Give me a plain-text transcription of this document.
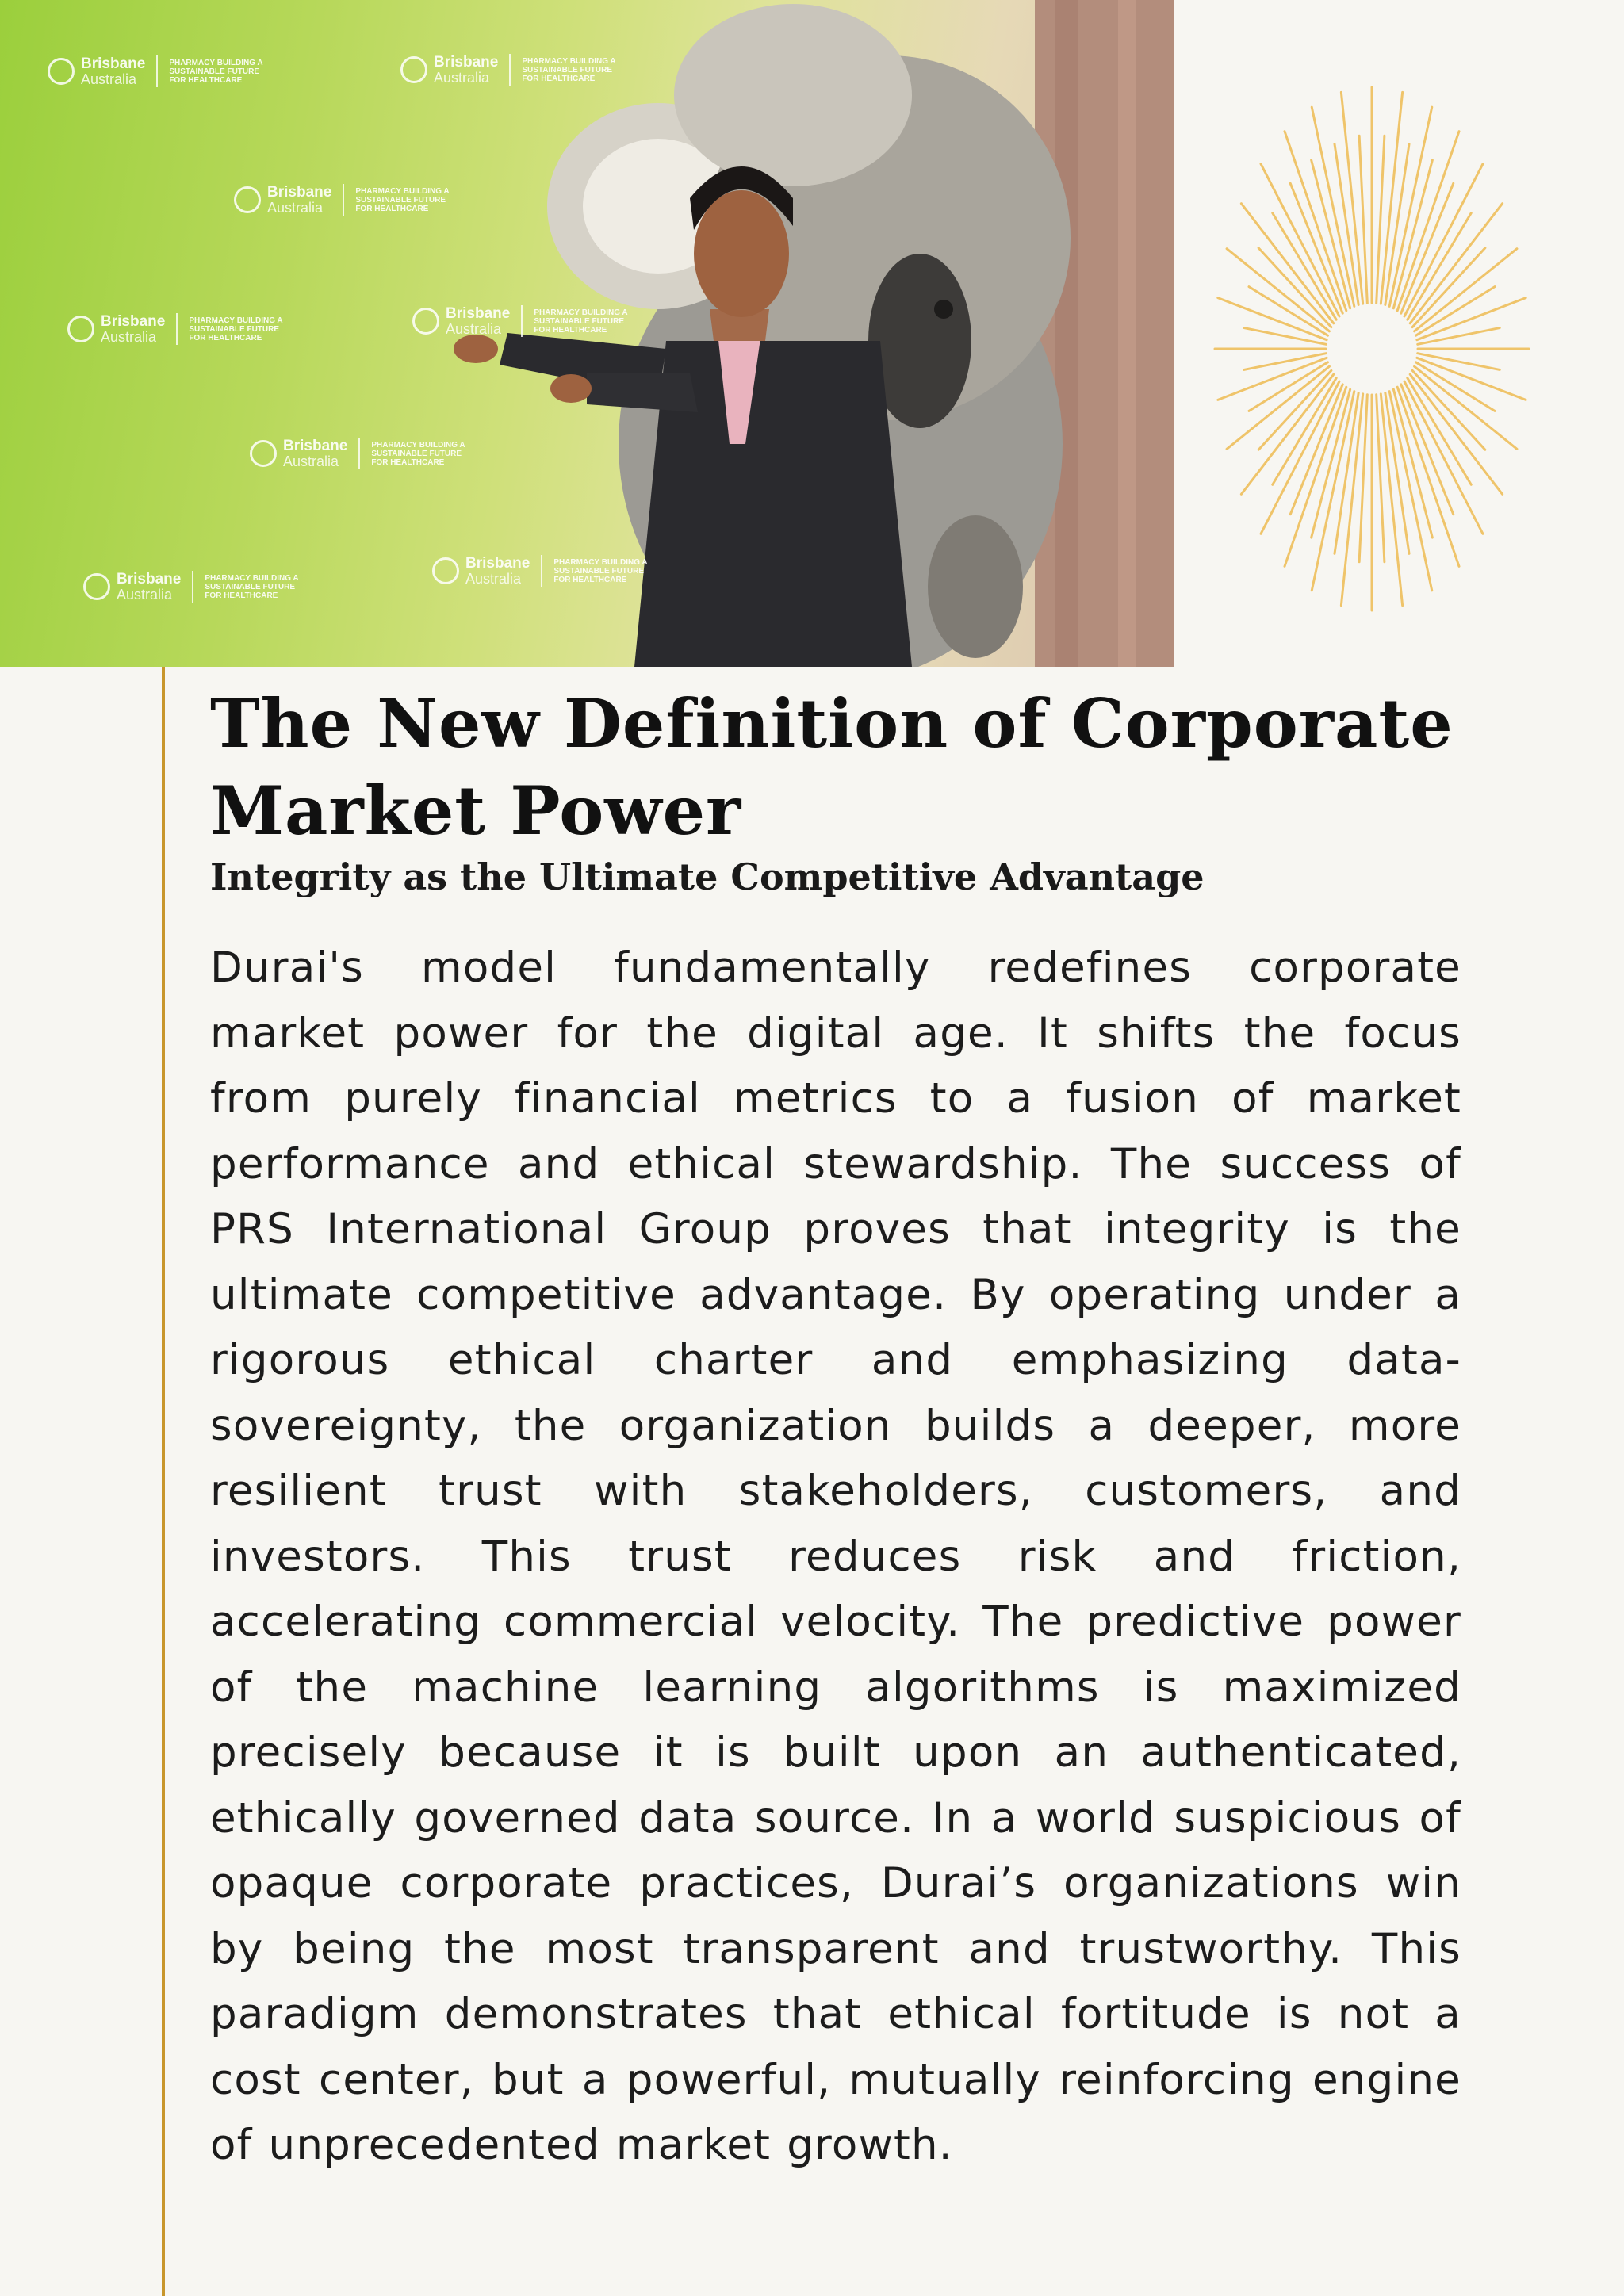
Brisbane
Australia
PHARMACY BUILDING A SUSTAINABLE FUTURE FOR HEALTHCARE
Brisbane
Australia
PHARMACY BUILDING A SUSTAINABLE FUTURE FOR HEALTHCARE
Brisbane
Australia
PHARMACY BUILDING A SUSTAINABLE FUTURE FOR HEALTHCARE
Brisbane
Australia
PHARMACY BUILDING A SUSTAINABLE FUTURE FOR HEALTHCARE
Brisbane
Australia
PHARMACY BUILDING A SUSTAINABLE FUTURE FOR HEALTHCARE
Brisbane
Australia
PHARMACY BUILDING A SUSTAINABLE FUTURE FOR HEALTHCARE
Brisbane
Australia
PHARMACY BUILDING A SUSTAINABLE FUTURE FOR HEALTHCARE
Brisbane
Australia
PHARMACY BUILDING A SUSTAINABLE FUTURE FOR HEALTHCARE
The New Definition of Corporate Market Power
Integrity as the Ultimate Competitive Advantage

Durai's model fundamentally redefines corporate market power for the digital age. It shifts the focus from purely financial metrics to a fusion of market performance and ethical stewardship. The success of PRS International Group proves that integrity is the ultimate competitive advantage. By operating under a rigorous ethical charter and emphasizing data-sovereignty, the organization builds a deeper, more resilient trust with stakeholders, customers, and investors. This trust reduces risk and friction, accelerating commercial velocity. The predictive power of the machine learning algorithms is maximized precisely because it is built upon an authenticated, ethically governed data source. In a world suspicious of opaque corporate practices, Durai’s organizations win by being the most transparent and trustworthy. This paradigm demonstrates that ethical fortitude is not a cost center, but a powerful, mutually reinforcing engine of unprecedented market growth.
